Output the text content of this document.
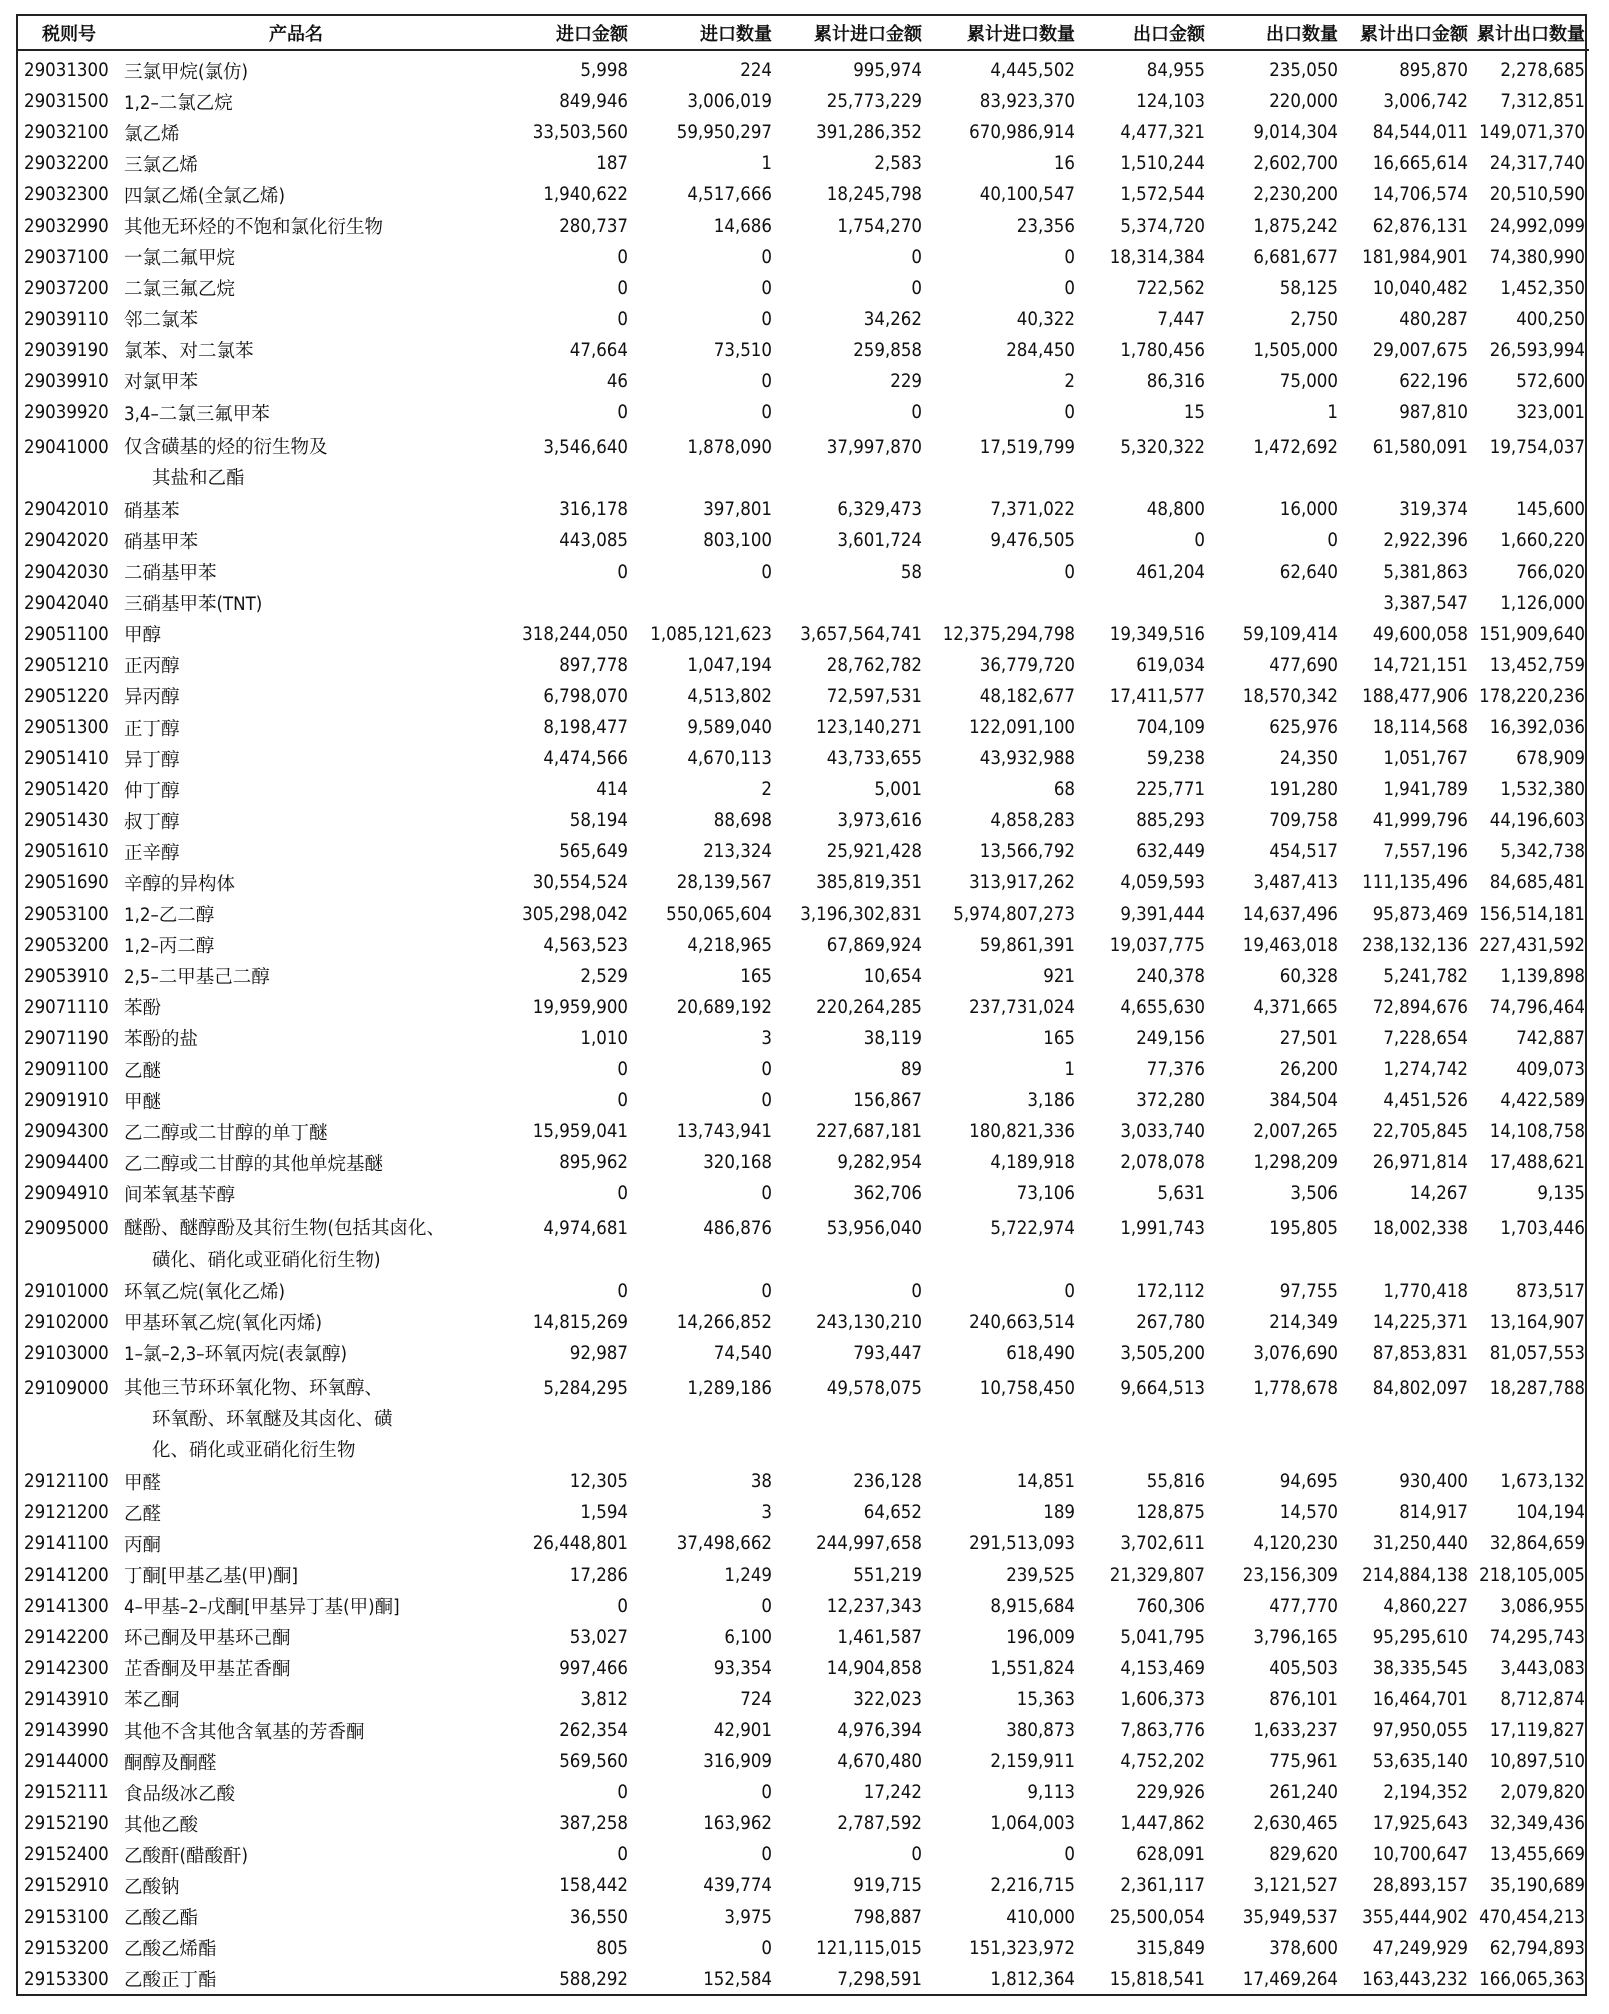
税则号	产品名	进口金额	进口数量	累计进口金额	累计进口数量	出口金额	出口数量	累计出口金额	累计出口数量
29031300	三氯甲烷(氯仿)	5,998	224	995,974	4,445,502	84,955	235,050	895,870	2,278,685
29031500	1,2–二氯乙烷	849,946	3,006,019	25,773,229	83,923,370	124,103	220,000	3,006,742	7,312,851
29032100	氯乙烯	33,503,560	59,950,297	391,286,352	670,986,914	4,477,321	9,014,304	84,544,011	149,071,370
29032200	三氯乙烯	187	1	2,583	16	1,510,244	2,602,700	16,665,614	24,317,740
29032300	四氯乙烯(全氯乙烯)	1,940,622	4,517,666	18,245,798	40,100,547	1,572,544	2,230,200	14,706,574	20,510,590
29032990	其他无环烃的不饱和氯化衍生物	280,737	14,686	1,754,270	23,356	5,374,720	1,875,242	62,876,131	24,992,099
29037100	一氯二氟甲烷	0	0	0	0	18,314,384	6,681,677	181,984,901	74,380,990
29037200	二氯三氟乙烷	0	0	0	0	722,562	58,125	10,040,482	1,452,350
29039110	邻二氯苯	0	0	34,262	40,322	7,447	2,750	480,287	400,250
29039190	氯苯、对二氯苯	47,664	73,510	259,858	284,450	1,780,456	1,505,000	29,007,675	26,593,994
29039910	对氯甲苯	46	0	229	2	86,316	75,000	622,196	572,600
29039920	3,4–二氯三氟甲苯	0	0	0	0	15	1	987,810	323,001
29041000	仅含磺基的烃的衍生物及
其盐和乙酯	3,546,640	1,878,090	37,997,870	17,519,799	5,320,322	1,472,692	61,580,091	19,754,037
29042010	硝基苯	316,178	397,801	6,329,473	7,371,022	48,800	16,000	319,374	145,600
29042020	硝基甲苯	443,085	803,100	3,601,724	9,476,505	0	0	2,922,396	1,660,220
29042030	二硝基甲苯	0	0	58	0	461,204	62,640	5,381,863	766,020
29042040	三硝基甲苯(TNT)							3,387,547	1,126,000
29051100	甲醇	318,244,050	1,085,121,623	3,657,564,741	12,375,294,798	19,349,516	59,109,414	49,600,058	151,909,640
29051210	正丙醇	897,778	1,047,194	28,762,782	36,779,720	619,034	477,690	14,721,151	13,452,759
29051220	异丙醇	6,798,070	4,513,802	72,597,531	48,182,677	17,411,577	18,570,342	188,477,906	178,220,236
29051300	正丁醇	8,198,477	9,589,040	123,140,271	122,091,100	704,109	625,976	18,114,568	16,392,036
29051410	异丁醇	4,474,566	4,670,113	43,733,655	43,932,988	59,238	24,350	1,051,767	678,909
29051420	仲丁醇	414	2	5,001	68	225,771	191,280	1,941,789	1,532,380
29051430	叔丁醇	58,194	88,698	3,973,616	4,858,283	885,293	709,758	41,999,796	44,196,603
29051610	正辛醇	565,649	213,324	25,921,428	13,566,792	632,449	454,517	7,557,196	5,342,738
29051690	辛醇的异构体	30,554,524	28,139,567	385,819,351	313,917,262	4,059,593	3,487,413	111,135,496	84,685,481
29053100	1,2–乙二醇	305,298,042	550,065,604	3,196,302,831	5,974,807,273	9,391,444	14,637,496	95,873,469	156,514,181
29053200	1,2–丙二醇	4,563,523	4,218,965	67,869,924	59,861,391	19,037,775	19,463,018	238,132,136	227,431,592
29053910	2,5–二甲基己二醇	2,529	165	10,654	921	240,378	60,328	5,241,782	1,139,898
29071110	苯酚	19,959,900	20,689,192	220,264,285	237,731,024	4,655,630	4,371,665	72,894,676	74,796,464
29071190	苯酚的盐	1,010	3	38,119	165	249,156	27,501	7,228,654	742,887
29091100	乙醚	0	0	89	1	77,376	26,200	1,274,742	409,073
29091910	甲醚	0	0	156,867	3,186	372,280	384,504	4,451,526	4,422,589
29094300	乙二醇或二甘醇的单丁醚	15,959,041	13,743,941	227,687,181	180,821,336	3,033,740	2,007,265	22,705,845	14,108,758
29094400	乙二醇或二甘醇的其他单烷基醚	895,962	320,168	9,282,954	4,189,918	2,078,078	1,298,209	26,971,814	17,488,621
29094910	间苯氧基苄醇	0	0	362,706	73,106	5,631	3,506	14,267	9,135
29095000	醚酚、醚醇酚及其衍生物(包括其卤化、
磺化、硝化或亚硝化衍生物)	4,974,681	486,876	53,956,040	5,722,974	1,991,743	195,805	18,002,338	1,703,446
29101000	环氧乙烷(氧化乙烯)	0	0	0	0	172,112	97,755	1,770,418	873,517
29102000	甲基环氧乙烷(氧化丙烯)	14,815,269	14,266,852	243,130,210	240,663,514	267,780	214,349	14,225,371	13,164,907
29103000	1–氯–2,3–环氧丙烷(表氯醇)	92,987	74,540	793,447	618,490	3,505,200	3,076,690	87,853,831	81,057,553
29109000	其他三节环环氧化物、环氧醇、
环氧酚、环氧醚及其卤化、磺
化、硝化或亚硝化衍生物	5,284,295	1,289,186	49,578,075	10,758,450	9,664,513	1,778,678	84,802,097	18,287,788
29121100	甲醛	12,305	38	236,128	14,851	55,816	94,695	930,400	1,673,132
29121200	乙醛	1,594	3	64,652	189	128,875	14,570	814,917	104,194
29141100	丙酮	26,448,801	37,498,662	244,997,658	291,513,093	3,702,611	4,120,230	31,250,440	32,864,659
29141200	丁酮[甲基乙基(甲)酮]	17,286	1,249	551,219	239,525	21,329,807	23,156,309	214,884,138	218,105,005
29141300	4–甲基–2–戊酮[甲基异丁基(甲)酮]	0	0	12,237,343	8,915,684	760,306	477,770	4,860,227	3,086,955
29142200	环己酮及甲基环己酮	53,027	6,100	1,461,587	196,009	5,041,795	3,796,165	95,295,610	74,295,743
29142300	芷香酮及甲基芷香酮	997,466	93,354	14,904,858	1,551,824	4,153,469	405,503	38,335,545	3,443,083
29143910	苯乙酮	3,812	724	322,023	15,363	1,606,373	876,101	16,464,701	8,712,874
29143990	其他不含其他含氧基的芳香酮	262,354	42,901	4,976,394	380,873	7,863,776	1,633,237	97,950,055	17,119,827
29144000	酮醇及酮醛	569,560	316,909	4,670,480	2,159,911	4,752,202	775,961	53,635,140	10,897,510
29152111	食品级冰乙酸	0	0	17,242	9,113	229,926	261,240	2,194,352	2,079,820
29152190	其他乙酸	387,258	163,962	2,787,592	1,064,003	1,447,862	2,630,465	17,925,643	32,349,436
29152400	乙酸酐(醋酸酐)	0	0	0	0	628,091	829,620	10,700,647	13,455,669
29152910	乙酸钠	158,442	439,774	919,715	2,216,715	2,361,117	3,121,527	28,893,157	35,190,689
29153100	乙酸乙酯	36,550	3,975	798,887	410,000	25,500,054	35,949,537	355,444,902	470,454,213
29153200	乙酸乙烯酯	805	0	121,115,015	151,323,972	315,849	378,600	47,249,929	62,794,893
29153300	乙酸正丁酯	588,292	152,584	7,298,591	1,812,364	15,818,541	17,469,264	163,443,232	166,065,363
